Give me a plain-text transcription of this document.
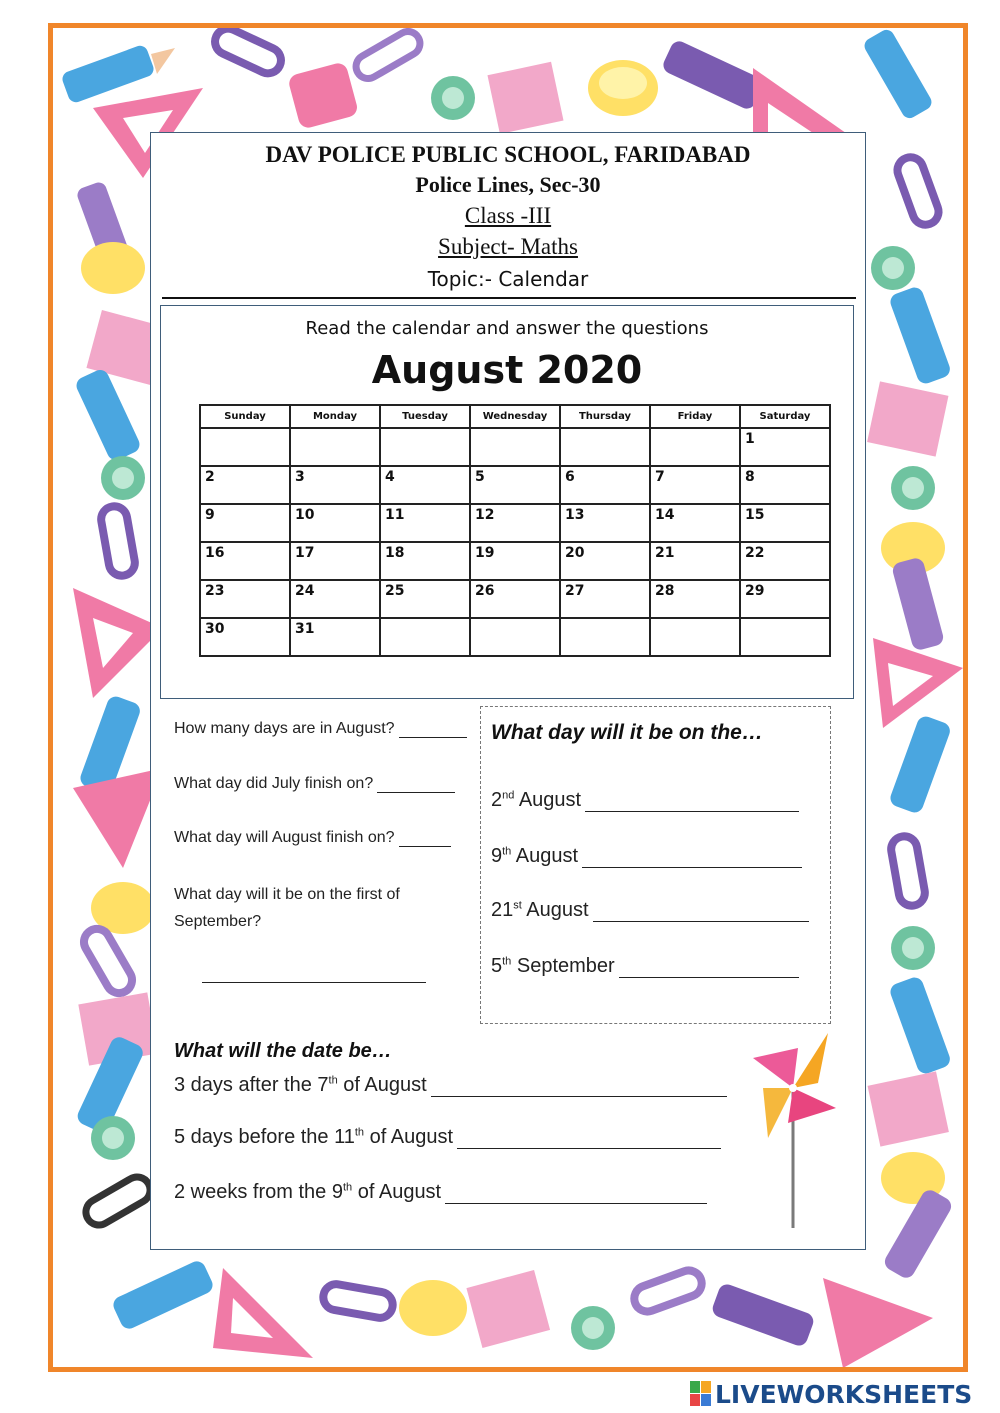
DAV POLICE PUBLIC SCHOOL, FARIDABAD
Police Lines, Sec-30
Class -III
Subject- Maths
Topic:- Calendar
Read the calendar and answer the questions
August 2020
Sunday	Monday	Tuesday	Wednesday	Thursday	Friday	Saturday
						1
2	3	4	5	6	7	8
9	10	11	12	13	14	15
16	17	18	19	20	21	22
23	24	25	26	27	28	29
30	31					
How many days are in August?
What day did July finish on?
What day will August finish on?
What day will it be on the first of
September?
What day will it be on the…
2nd August
9th August
21st August
5th September
What will the date be…
3 days after the 7th of August
5 days before the 11th of August
2 weeks from the 9th of August
LIVEWORKSHEETS
